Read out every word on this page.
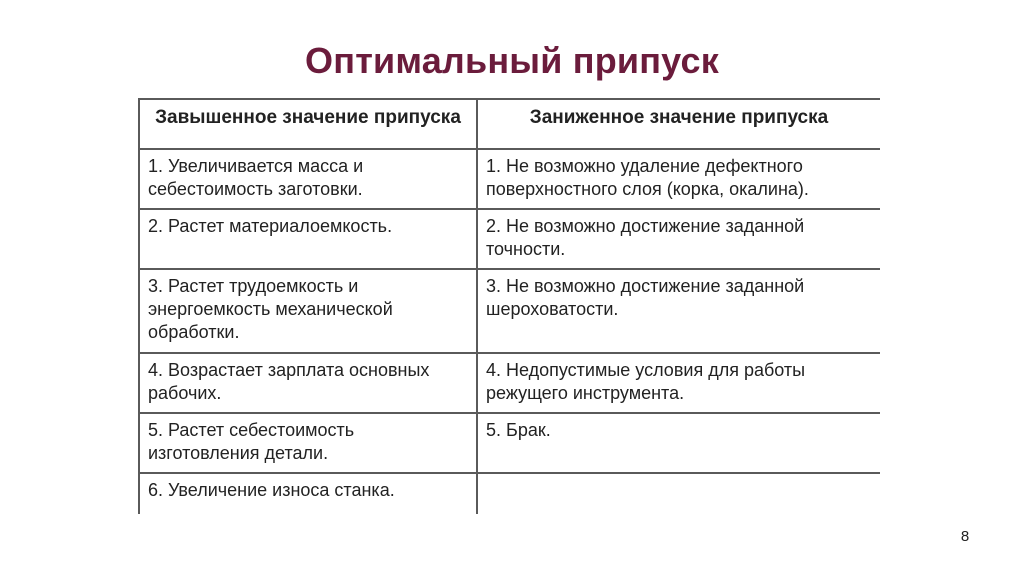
Оптимальный припуск
Завышенное значение припуска	Заниженное значение припуска
1. Увеличивается масса и себестоимость заготовки.	1. Не возможно удаление дефектного поверхностного слоя (корка, окалина).
2. Растет материалоемкость.	2. Не возможно достижение заданной точности.
3. Растет трудоемкость и энергоемкость механической обработки.	3. Не возможно достижение заданной шероховатости.
4. Возрастает зарплата основных рабочих.	4. Недопустимые условия для работы режущего инструмента.
5. Растет себестоимость изготовления детали.	5. Брак.
6. Увеличение износа станка.	
8
